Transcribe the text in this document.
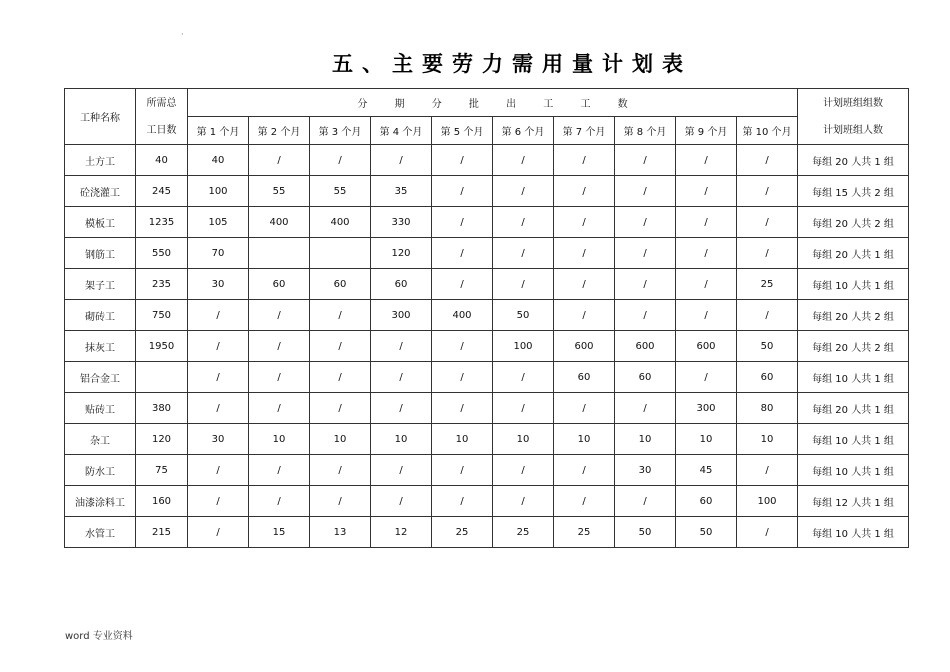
·
五、主要劳力需用量计划表
工种名称	所需总
工日数	分 期 分 批 出 工 工 数										计划班组组数
计划班组人数

		第 1 个月	第 2 个月	第 3 个月	第 4 个月	第 5 个月	第 6 个月	第 7 个月	第 8 个月	第 9 个月	第 10 个月	
土方工	40	40	/	/	/	/	/	/	/	/	/	每组 20 人共 1 组
砼浇灌工	245	100	55	55	35	/	/	/	/	/	/	每组 15 人共 2 组
模板工	1235	105	400	400	330	/	/	/	/	/	/	每组 20 人共 2 组
钢筋工	550	70			120	/	/	/	/	/	/	每组 20 人共 1 组
架子工	235	30	60	60	60	/	/	/	/	/	25	每组 10 人共 1 组
砌砖工	750	/	/	/	300	400	50	/	/	/	/	每组 20 人共 2 组
抹灰工	1950	/	/	/	/	/	100	600	600	600	50	每组 20 人共 2 组
铝合金工		/	/	/	/	/	/	60	60	/	60	每组 10 人共 1 组
贴砖工	380	/	/	/	/	/	/	/	/	300	80	每组 20 人共 1 组
杂工	120	30	10	10	10	10	10	10	10	10	10	每组 10 人共 1 组
防水工	75	/	/	/	/	/	/	/	30	45	/	每组 10 人共 1 组
油漆涂料工	160	/	/	/	/	/	/	/	/	60	100	每组 12 人共 1 组
水管工	215	/	15	13	12	25	25	25	50	50	/	每组 10 人共 1 组
word 专业资料
